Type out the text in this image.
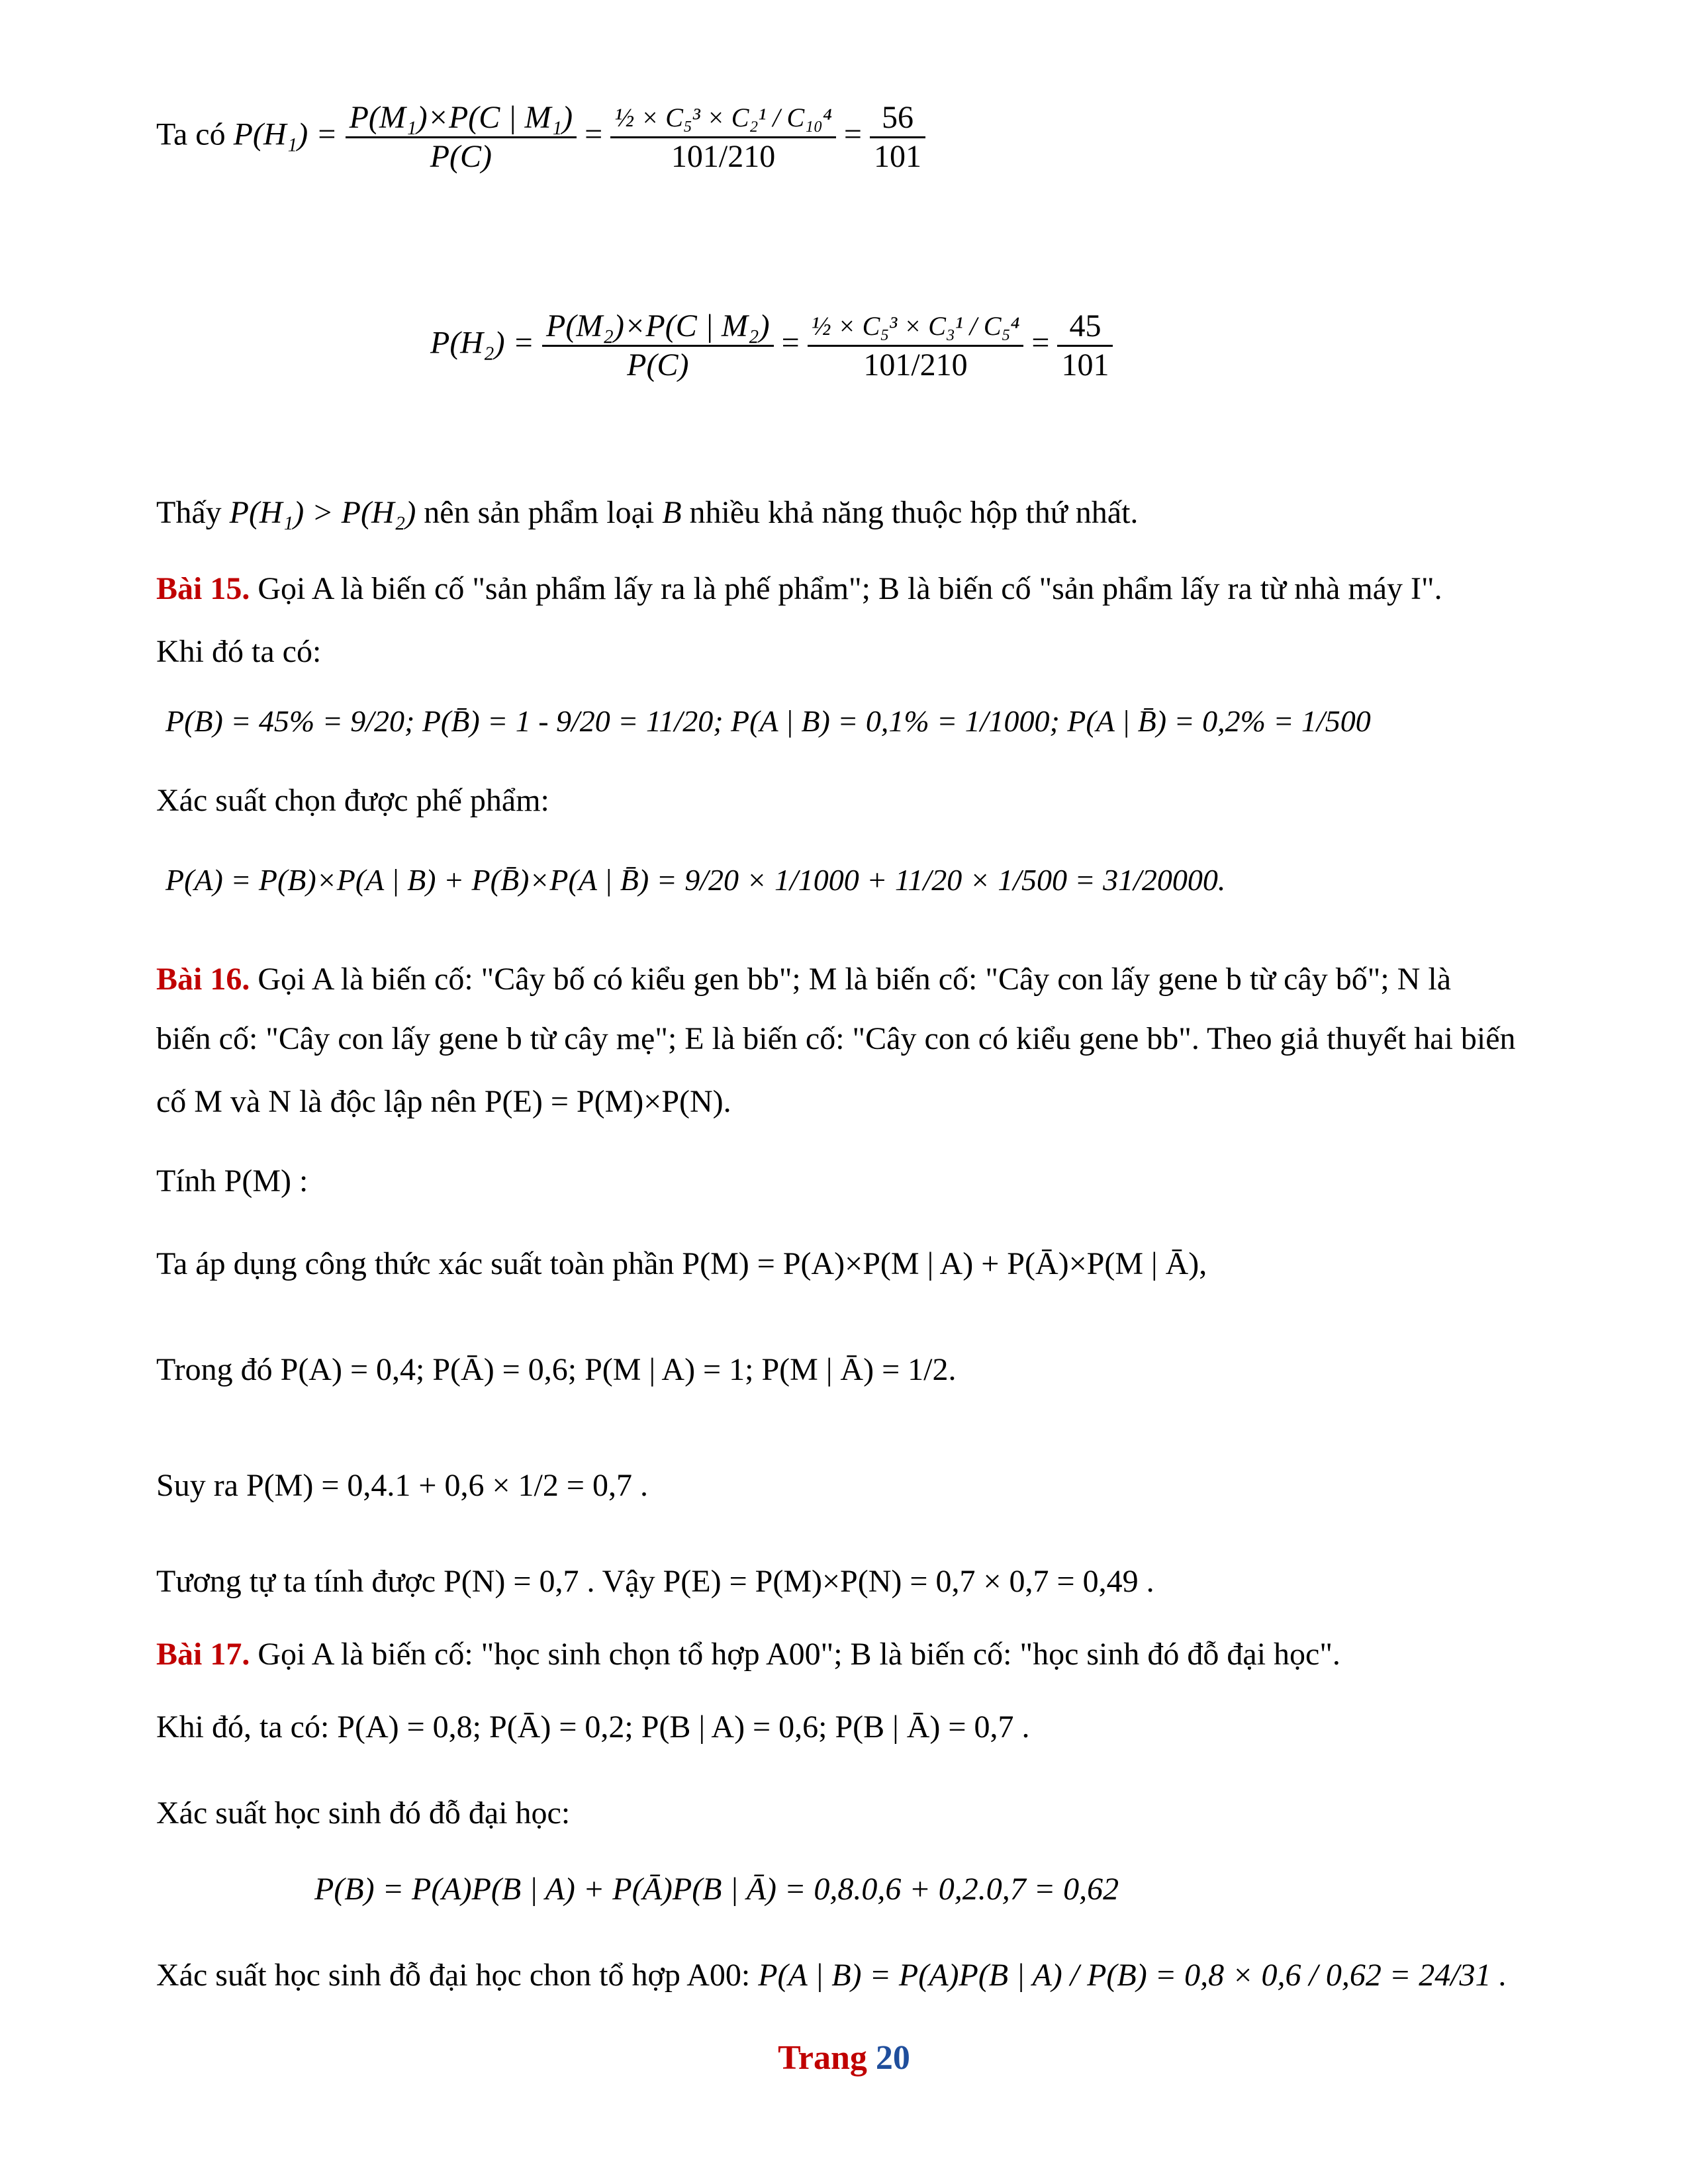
Ta có $P(H_1) = \frac{\text{P(M₁)×P(C | M₁)}}{P(C)} = \frac{\text{½ × C₅³ × C₂¹ / C₁₀⁴}}{101/210} = \frac{56}{101}$
$P(H_2) = \frac{\text{P(M₂)×P(C | M₂)}}{P(C)} = \frac{\text{½ × C₅³ × C₃¹ / C₅⁴}}{101/210} = \frac{45}{101}$
Thấy P(H₁) > P(H₂) nên sản phẩm loại B nhiều khả năng thuộc hộp thứ nhất.
Bài 15. Gọi A là biến cố "sản phẩm lấy ra là phế phẩm"; B là biến cố "sản phẩm lấy ra từ nhà máy I".
Khi đó ta có:
P(B) = 45% = 9/20; P(B̄) = 1 - 9/20 = 11/20; P(A | B) = 0,1% = 1/1000; P(A | B̄) = 0,2% = 1/500
Xác suất chọn được phế phẩm:
P(A) = P(B)×P(A | B) + P(B̄)×P(A | B̄) = 9/20 × 1/1000 + 11/20 × 1/500 = 31/20000.
Bài 16. Gọi A là biến cố: "Cây bố có kiểu gen bb"; M là biến cố: "Cây con lấy gene b từ cây bố"; N là
biến cố: "Cây con lấy gene b từ cây mẹ"; E là biến cố: "Cây con có kiểu gene bb". Theo giả thuyết hai biến
cố M và N là độc lập nên P(E) = P(M)×P(N).
Tính P(M) :
Ta áp dụng công thức xác suất toàn phần P(M) = P(A)×P(M | A) + P(Ā)×P(M | Ā),
Trong đó P(A) = 0,4; P(Ā) = 0,6; P(M | A) = 1; P(M | Ā) = 1/2.
Suy ra P(M) = 0,4.1 + 0,6 × 1/2 = 0,7 .
Tương tự ta tính được P(N) = 0,7 . Vậy P(E) = P(M)×P(N) = 0,7 × 0,7 = 0,49 .
Bài 17. Gọi A là biến cố: "học sinh chọn tổ hợp A00"; B là biến cố: "học sinh đó đỗ đại học".
Khi đó, ta có: P(A) = 0,8; P(Ā) = 0,2; P(B | A) = 0,6; P(B | Ā) = 0,7 .
Xác suất học sinh đó đỗ đại học:
P(B) = P(A)P(B | A) + P(Ā)P(B | Ā) = 0,8.0,6 + 0,2.0,7 = 0,62
Xác suất học sinh đỗ đại học chon tổ hợp A00: P(A | B) = P(A)P(B | A) / P(B) = 0,8 × 0,6 / 0,62 = 24/31 .
Trang 20
